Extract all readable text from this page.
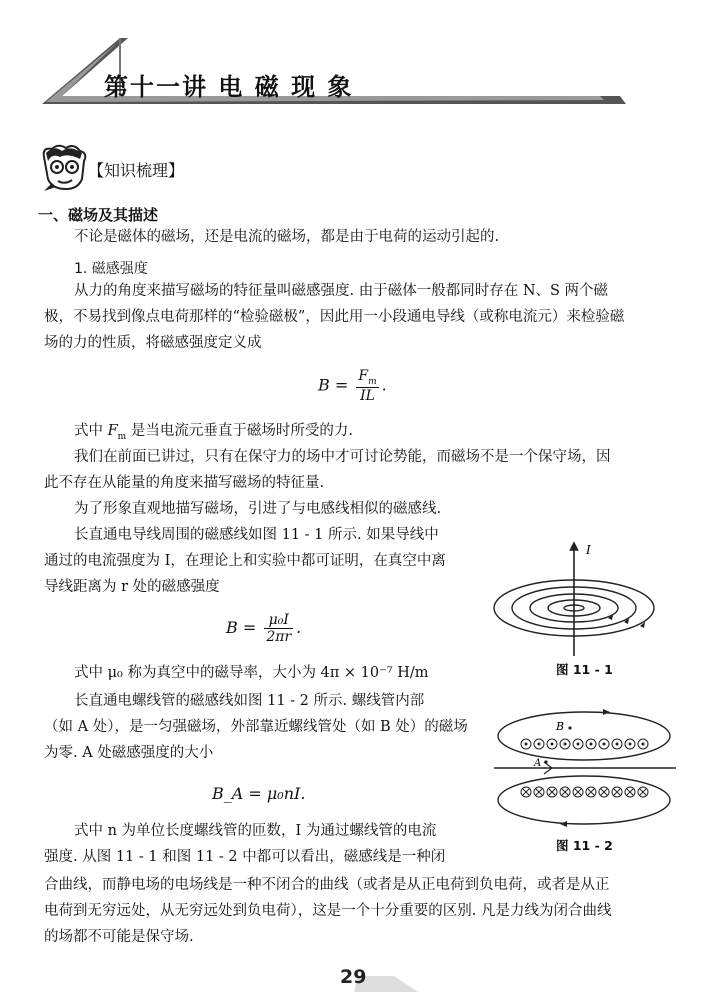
第十一讲 电 磁 现 象
【知识梳理】
一、磁场及其描述
不论是磁体的磁场，还是电流的磁场，都是由于电荷的运动引起的.
1. 磁感强度
从力的角度来描写磁场的特征量叫磁感强度. 由于磁体一般都同时存在 N、S 两个磁
极，不易找到像点电荷那样的“检验磁极”，因此用一小段通电导线（或称电流元）来检验磁
场的力的性质，将磁感强度定义成
$B = \frac{F_m}{IL}$ .
式中 $F_m$ 是当电流元垂直于磁场时所受的力.
我们在前面已讲过，只有在保守力的场中才可讨论势能，而磁场不是一个保守场，因
此不存在从能量的角度来描写磁场的特征量.
为了形象直观地描写磁场，引进了与电感线相似的磁感线.
长直通电导线周围的磁感线如图 11 - 1 所示. 如果导线中
通过的电流强度为 I，在理论上和实验中都可证明，在真空中离
导线距离为 r 处的磁感强度
$B = \frac{\text{μ₀I}}{2\pi r}$ .
式中 μ₀ 称为真空中的磁导率，大小为 4π × 10⁻⁷ H/m
长直通电螺线管的磁感线如图 11 - 2 所示. 螺线管内部
（如 A 处），是一匀强磁场，外部靠近螺线管处（如 B 处）的磁场
为零. A 处磁感强度的大小
B_A = μ₀nI.
式中 n 为单位长度螺线管的匝数，I 为通过螺线管的电流
强度. 从图 11 - 1 和图 11 - 2 中都可以看出，磁感线是一种闭
合曲线，而静电场的电场线是一种不闭合的曲线（或者是从正电荷到负电荷，或者是从正
电荷到无穷远处，从无穷远处到负电荷），这是一个十分重要的区别. 凡是力线为闭合曲线
的场都不可能是保守场.
I
图 11 - 1
B
A
图 11 - 2
29
